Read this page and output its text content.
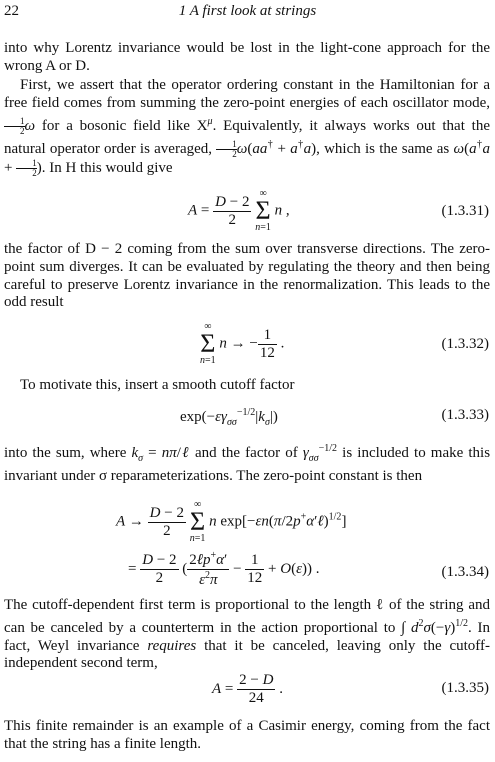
22	1 A first look at strings
into why Lorentz invariance would be lost in the light-cone approach for the wrong A or D.
First, we assert that the operator ordering constant in the Hamiltonian for a free field comes from summing the zero-point energies of each oscillator mode,
$\frac{1}{2}$ ω for a bosonic field like $X^\mu$. Equivalently, it always works out that the natural operator order is averaged, $\frac{1}{2} \omega(aa^\dagger + a^\dagger a)$, which is the same as $\omega(a^\dagger a + \frac{1}{2}$ ). In H this would give
$A = \frac{D - 2}{2}$
∞
Σ
n=1
n ,	(1.3.31)
the factor of D − 2 coming from the sum over transverse directions. The zero-point sum diverges. It can be evaluated by regulating the theory and then being careful to preserve Lorentz invariance in the renormalization. This leads to the odd result
∞
Σ
n=1
n → − $\frac{1}{12}$ .	(1.3.32)
To motivate this, insert a smooth cutoff factor
$\exp(-\varepsilon\gamma_{\sigma\sigma}^{-1/2}|k_\sigma|)$	(1.3.33)
into the sum, where $k_\sigma$ = nπ/ℓ and the factor of $\gamma_{\sigma\sigma}^{-1/2}$ is included to make this invariant under σ reparameterizations. The zero-point constant is then
$A \to \frac{D - 2}{2}$
∞
Σ
n=1
n exp[−εn(π/2p+α′ℓ)$^{1/2}$]
= $\frac{D - 2}{2}$ ( $\frac{2\ell p^+\alpha'}{\varepsilon^2\pi} - \frac{1}{12} + O(\varepsilon)$) .	(1.3.34)
The cutoff-dependent first term is proportional to the length ℓ of the string and can be canceled by a counterterm in the action proportional to ∫ $d^2\sigma(-\gamma)^{1/2}$. In fact, Weyl invariance requires that it be canceled, leaving only the cutoff-independent second term,
$A = \frac{2 - D}{24}$ .	(1.3.35)
This finite remainder is an example of a Casimir energy, coming from the fact that the string has a finite length.
